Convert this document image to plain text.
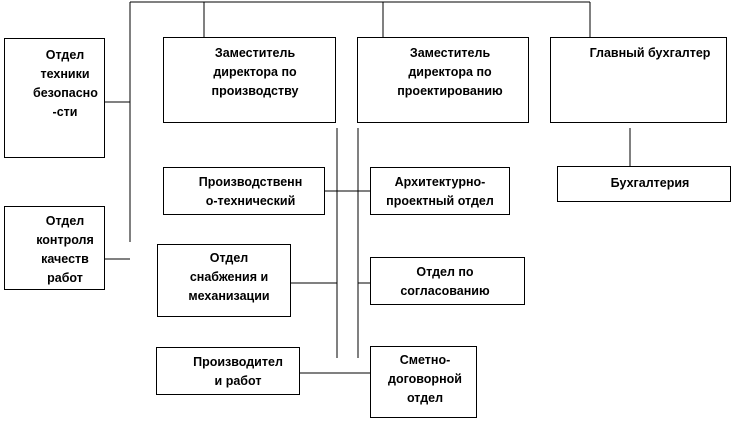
Отдел
техники
безопасно
-сти
Отдел
контроля
качеств
работ
Заместитель
директора по
производству
Заместитель
директора по
проектированию
Главный бухгалтер
Бухгалтерия
Производственн
о-технический
Архитектурно-
проектный отдел
Отдел
снабжения и
механизации
Отдел по
согласованию
Производител
и работ
Сметно-
договорной
отдел
